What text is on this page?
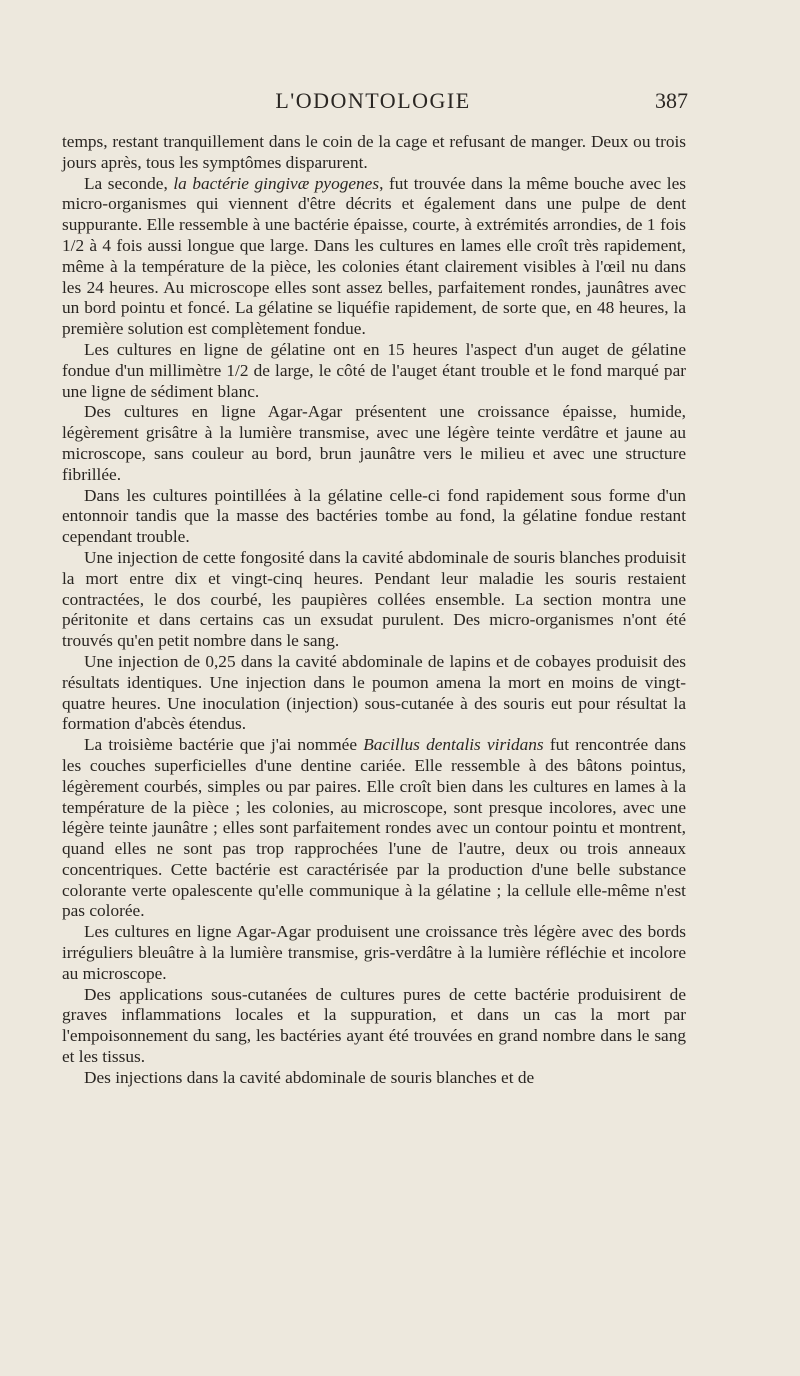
L'ODONTOLOGIE	387

temps, restant tranquillement dans le coin de la cage et refusant de manger. Deux ou trois jours après, tous les symptômes disparurent.

La seconde, la bactérie gingivæ pyogenes, fut trouvée dans la même bouche avec les micro-organismes qui viennent d'être décrits et également dans une pulpe de dent suppurante. Elle ressemble à une bactérie épaisse, courte, à extrémités arrondies, de 1 fois 1/2 à 4 fois aussi longue que large. Dans les cultures en lames elle croît très rapidement, même à la température de la pièce, les colonies étant clairement visibles à l'œil nu dans les 24 heures. Au microscope elles sont assez belles, parfaitement rondes, jaunâtres avec un bord pointu et foncé. La gélatine se liquéfie rapidement, de sorte que, en 48 heures, la première solution est complètement fondue.

Les cultures en ligne de gélatine ont en 15 heures l'aspect d'un auget de gélatine fondue d'un millimètre 1/2 de large, le côté de l'auget étant trouble et le fond marqué par une ligne de sédiment blanc.

Des cultures en ligne Agar-Agar présentent une croissance épaisse, humide, légèrement grisâtre à la lumière transmise, avec une légère teinte verdâtre et jaune au microscope, sans couleur au bord, brun jaunâtre vers le milieu et avec une structure fibrillée.

Dans les cultures pointillées à la gélatine celle-ci fond rapidement sous forme d'un entonnoir tandis que la masse des bactéries tombe au fond, la gélatine fondue restant cependant trouble.

Une injection de cette fongosité dans la cavité abdominale de souris blanches produisit la mort entre dix et vingt-cinq heures. Pendant leur maladie les souris restaient contractées, le dos courbé, les paupières collées ensemble. La section montra une péritonite et dans certains cas un exsudat purulent. Des micro-organismes n'ont été trouvés qu'en petit nombre dans le sang.

Une injection de 0,25 dans la cavité abdominale de lapins et de cobayes produisit des résultats identiques. Une injection dans le poumon amena la mort en moins de vingt-quatre heures. Une inoculation (injection) sous-cutanée à des souris eut pour résultat la formation d'abcès étendus.

La troisième bactérie que j'ai nommée Bacillus dentalis viridans fut rencontrée dans les couches superficielles d'une dentine cariée. Elle ressemble à des bâtons pointus, légèrement courbés, simples ou par paires. Elle croît bien dans les cultures en lames à la température de la pièce ; les colonies, au microscope, sont presque incolores, avec une légère teinte jaunâtre ; elles sont parfaitement rondes avec un contour pointu et montrent, quand elles ne sont pas trop rapprochées l'une de l'autre, deux ou trois anneaux concentriques. Cette bactérie est caractérisée par la production d'une belle substance colorante verte opalescente qu'elle communique à la gélatine ; la cellule elle-même n'est pas colorée.

Les cultures en ligne Agar-Agar produisent une croissance très légère avec des bords irréguliers bleuâtre à la lumière transmise, gris-verdâtre à la lumière réfléchie et incolore au microscope.

Des applications sous-cutanées de cultures pures de cette bactérie produisirent de graves inflammations locales et la suppuration, et dans un cas la mort par l'empoisonnement du sang, les bactéries ayant été trouvées en grand nombre dans le sang et les tissus.

Des injections dans la cavité abdominale de souris blanches et de
